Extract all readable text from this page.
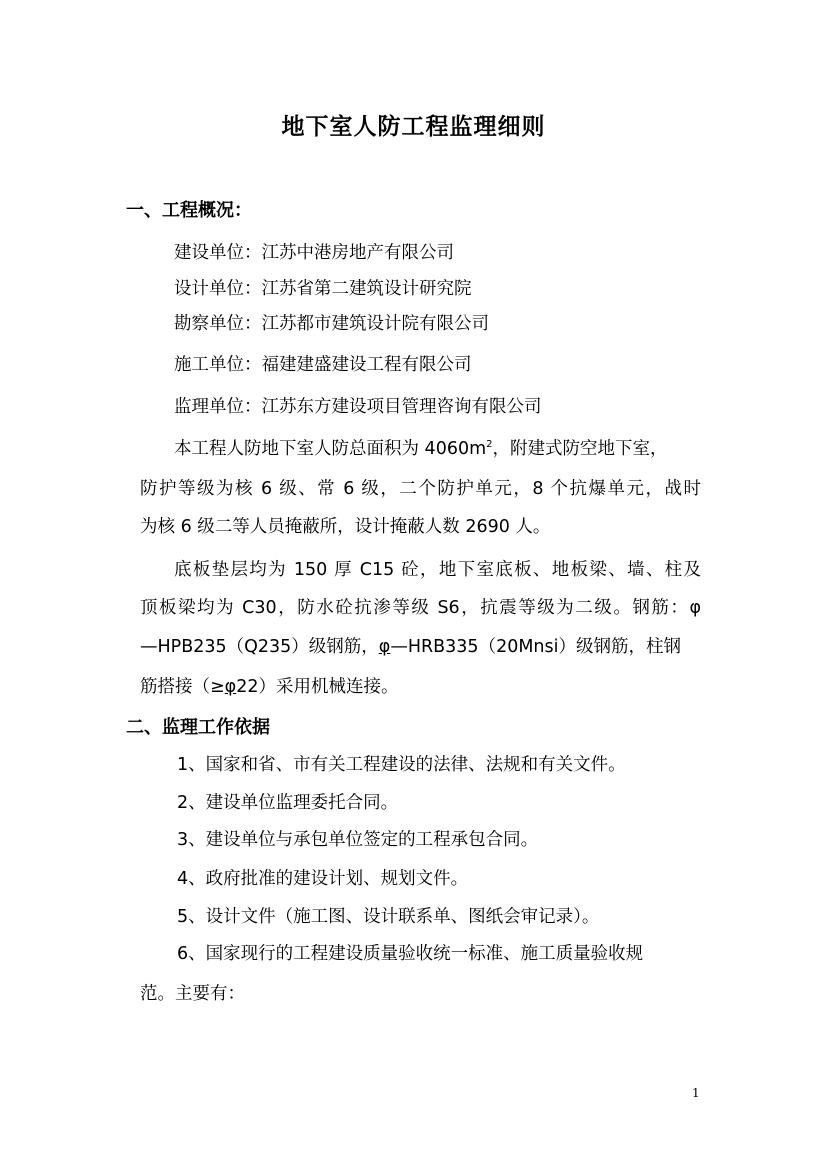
地下室人防工程监理细则
一、工程概况：
建设单位：江苏中港房地产有限公司
设计单位：江苏省第二建筑设计研究院
勘察单位：江苏都市建筑设计院有限公司
施工单位：福建建盛建设工程有限公司
监理单位：江苏东方建设项目管理咨询有限公司
本工程人防地下室人防总面积为 $4060m^2$，附建式防空地下室，
防护等级为核 6 级、常 6 级，二个防护单元，8 个抗爆单元，战时
为核 6 级二等人员掩蔽所，设计掩蔽人数 2690 人。
底板垫层均为 150 厚 C15 砼，地下室底板、地板梁、墙、柱及
顶板梁均为 C30，防水砼抗渗等级 S6，抗震等级为二级。钢筋：φ
—HPB235（Q235）级钢筋，φ—HRB335（20Mnsi）级钢筋，柱钢
筋搭接（≥φ22）采用机械连接。
二、监理工作依据
1、国家和省、市有关工程建设的法律、法规和有关文件。
2、建设单位监理委托合同。
3、建设单位与承包单位签定的工程承包合同。
4、政府批准的建设计划、规划文件。
5、设计文件（施工图、设计联系单、图纸会审记录）。
6、国家现行的工程建设质量验收统一标准、施工质量验收规
范。主要有：
1
